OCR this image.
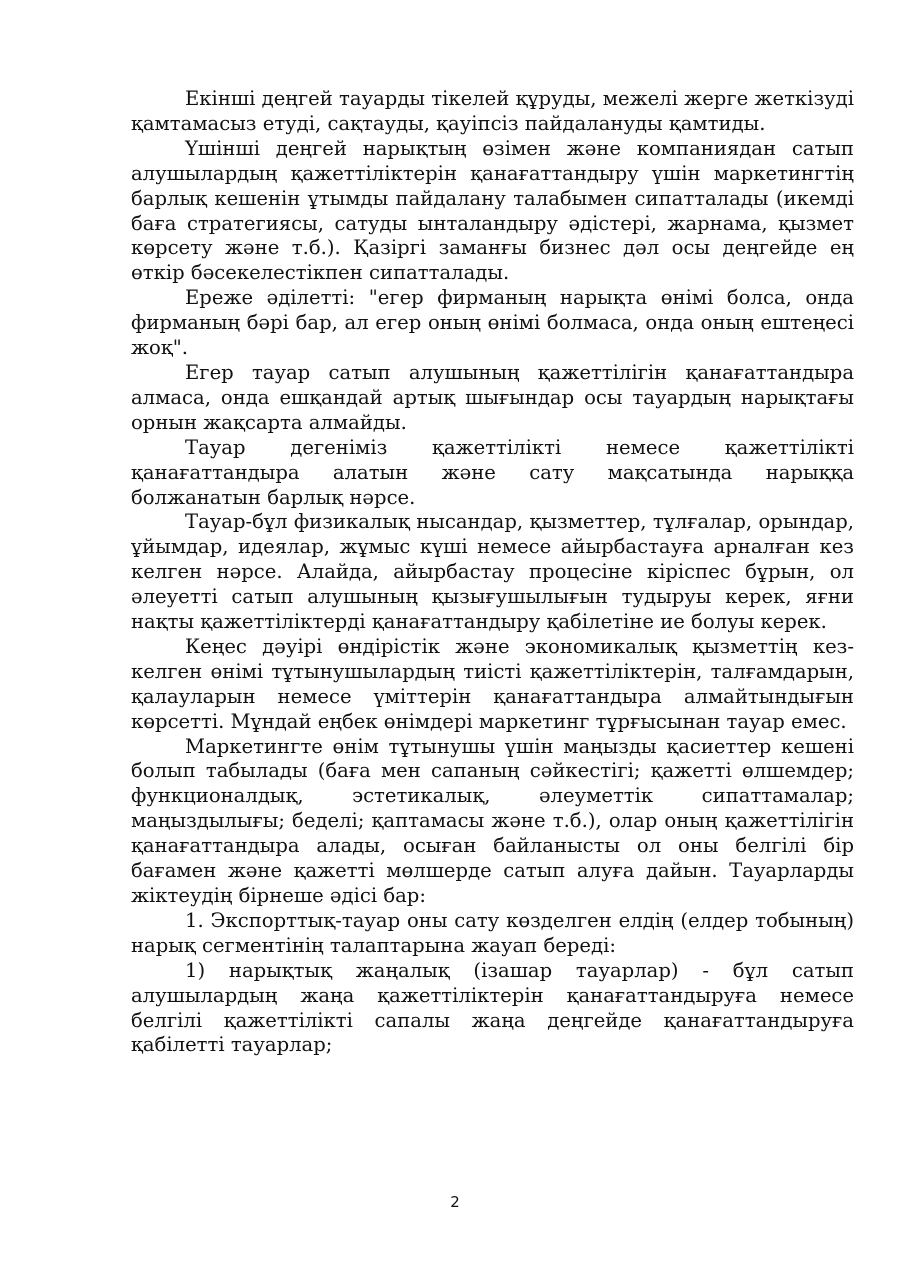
Екінші деңгей тауарды тікелей құруды, межелі жерге жеткізуді қамтамасыз етуді, сақтауды, қауіпсіз пайдалануды қамтиды.

Үшінші деңгей нарықтың өзімен және компаниядан сатып алушылардың қажеттіліктерін қанағаттандыру үшін маркетингтің барлық кешенін ұтымды пайдалану талабымен сипатталады (икемді баға стратегиясы, сатуды ынталандыру әдістері, жарнама, қызмет көрсету және т.б.). Қазіргі заманғы бизнес дәл осы деңгейде ең өткір бәсекелестікпен сипатталады.

Ереже әділетті: "егер фирманың нарықта өнімі болса, онда фирманың бәрі бар, ал егер оның өнімі болмаса, онда оның ештеңесі жоқ".

Егер тауар сатып алушының қажеттілігін қанағаттандыра алмаса, онда ешқандай артық шығындар осы тауардың нарықтағы орнын жақсарта алмайды.

Тауар дегеніміз қажеттілікті немесе қажеттілікті қанағаттандыра алатын және сату мақсатында нарыққа болжанатын барлық нәрсе.

Тауар-бұл физикалық нысандар, қызметтер, тұлғалар, орындар, ұйымдар, идеялар, жұмыс күші немесе айырбастауға арналған кез келген нәрсе. Алайда, айырбастау процесіне кіріспес бұрын, ол әлеуетті сатып алушының қызығушылығын тудыруы керек, яғни нақты қажеттіліктерді қанағаттандыру қабілетіне ие болуы керек.

Кеңес дәуірі өндірістік және экономикалық қызметтің кез-келген өнімі тұтынушылардың тиісті қажеттіліктерін, талғамдарын, қалауларын немесе үміттерін қанағаттандыра алмайтындығын көрсетті. Мұндай еңбек өнімдері маркетинг тұрғысынан тауар емес.

Маркетингте өнім тұтынушы үшін маңызды қасиеттер кешені болып табылады (баға мен сапаның сәйкестігі; қажетті өлшемдер; функционалдық, эстетикалық, әлеуметтік сипаттамалар; маңыздылығы; беделі; қаптамасы және т.б.), олар оның қажеттілігін қанағаттандыра алады, осыған байланысты ол оны белгілі бір бағамен және қажетті мөлшерде сатып алуға дайын. Тауарларды жіктеудің бірнеше әдісі бар:

1. Экспорттық-тауар оны сату көзделген елдің (елдер тобының) нарық сегментінің талаптарына жауап береді:

1) нарықтық жаңалық (ізашар тауарлар) - бұл сатып алушылардың жаңа қажеттіліктерін қанағаттандыруға немесе белгілі қажеттілікті сапалы жаңа деңгейде қанағаттандыруға қабілетті тауарлар;

2
